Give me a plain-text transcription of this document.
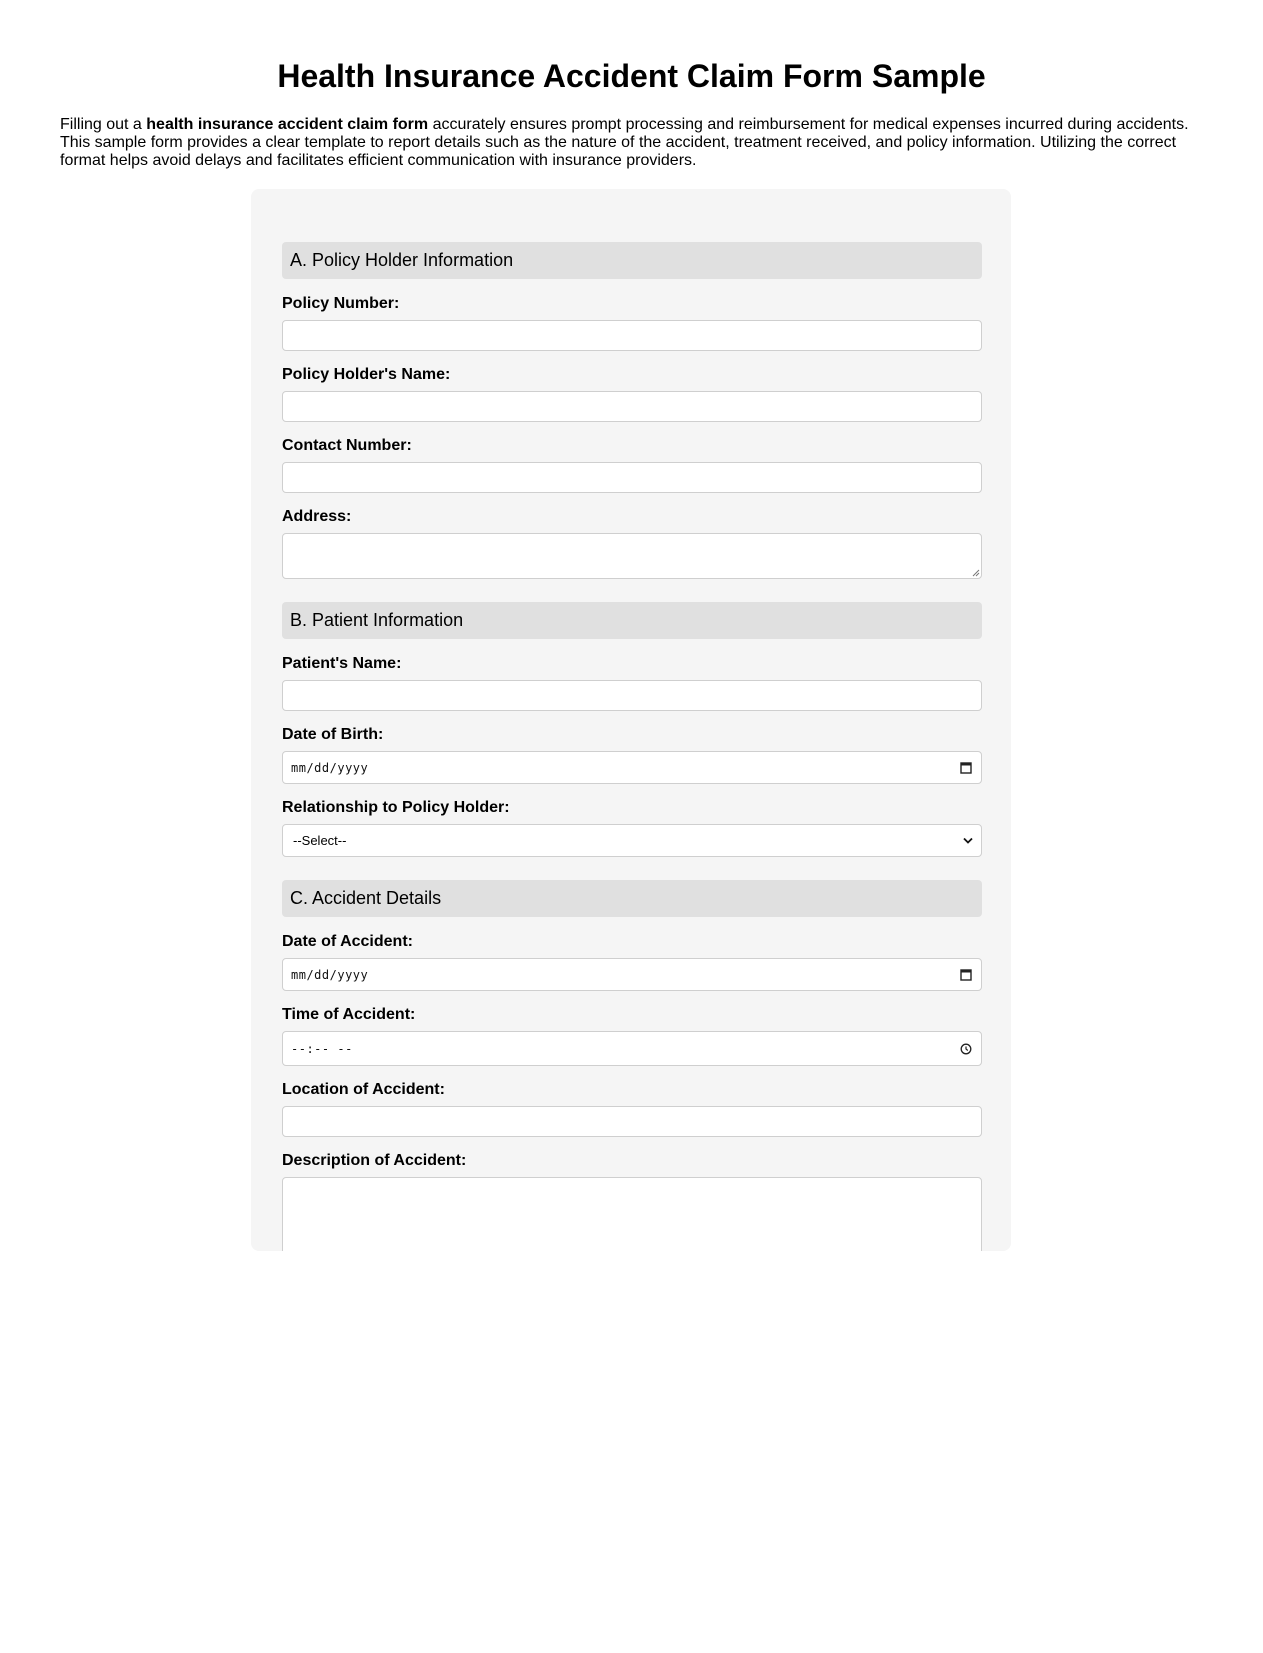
Health Insurance Accident Claim Form Sample

Filling out a health insurance accident claim form accurately ensures prompt processing and reimbursement for medical expenses incurred during accidents. This sample form provides a clear template to report details such as the nature of the accident, treatment received, and policy information. Utilizing the correct format helps avoid delays and facilitates efficient communication with insurance providers.

A. Policy Holder Information
Policy Number:
Policy Holder's Name:
Contact Number:
Address:
B. Patient Information
Patient's Name:
Date of Birth:
mm/dd/yyyy
Relationship to Policy Holder:
--Select--
C. Accident Details
Date of Accident:
mm/dd/yyyy
Time of Accident:
--:-- --
Location of Accident:
Description of Accident:
